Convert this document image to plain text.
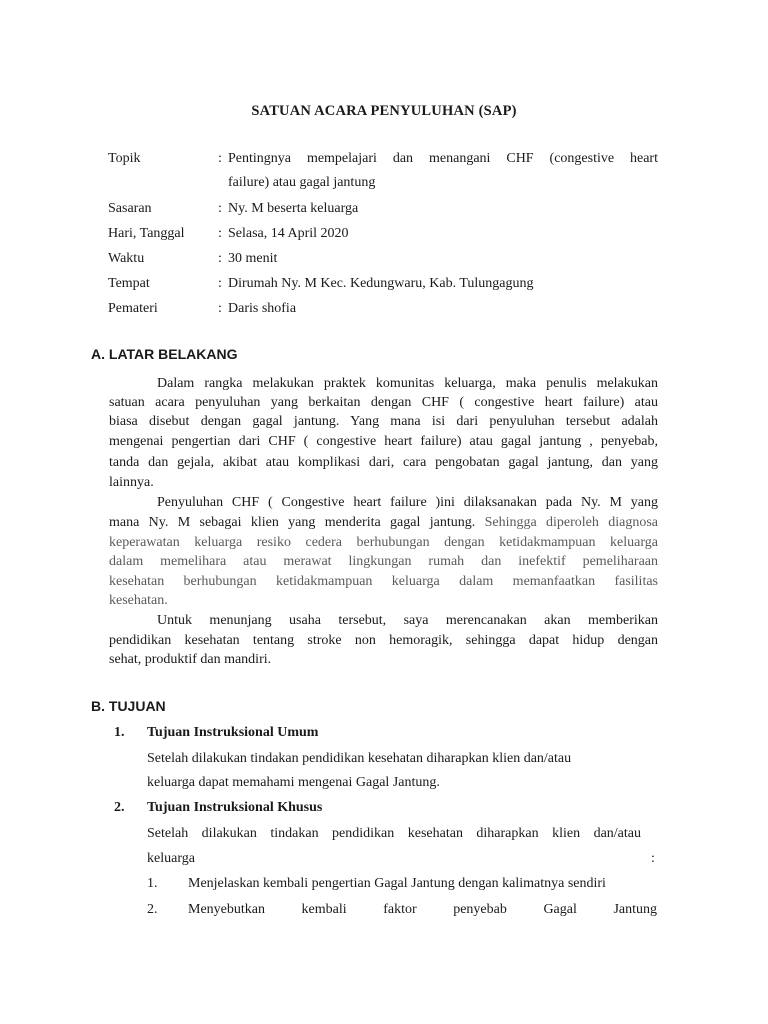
SATUAN ACARA PENYULUHAN (SAP)
Topik	: Pentingnya mempelajari dan menangani CHF (congestive heart
failure) atau gagal jantung
Sasaran	: Ny. M beserta keluarga
Hari, Tanggal : Selasa, 14 April 2020
Waktu	: 30 menit
Tempat	: Dirumah Ny. M Kec. Kedungwaru, Kab. Tulungagung
Pemateri	: Daris shofia
A. LATAR BELAKANG
Dalam rangka melakukan praktek komunitas keluarga, maka penulis melakukan
satuan acara penyuluhan yang berkaitan dengan CHF ( congestive heart failure) atau
biasa disebut dengan gagal jantung. Yang mana isi dari penyuluhan tersebut adalah
mengenai pengertian dari CHF ( congestive heart failure) atau gagal jantung , penyebab,
tanda dan gejala, akibat atau komplikasi dari, cara pengobatan gagal jantung, dan yang
lainnya.
Penyuluhan CHF ( Congestive heart failure )ini dilaksanakan pada Ny. M yang
mana Ny. M sebagai klien yang menderita gagal jantung. Sehingga diperoleh diagnosa
keperawatan keluarga resiko cedera berhubungan dengan ketidakmampuan keluarga
dalam memelihara atau merawat lingkungan rumah dan inefektif pemeliharaan
kesehatan berhubungan ketidakmampuan keluarga dalam memanfaatkan fasilitas
kesehatan.
Untuk menunjang usaha tersebut, saya merencanakan akan memberikan
pendidikan kesehatan tentang stroke non hemoragik, sehingga dapat hidup dengan
sehat, produktif dan mandiri.
B. TUJUAN
1. Tujuan Instruksional Umum
Setelah dilakukan tindakan pendidikan kesehatan diharapkan klien dan/atau
keluarga dapat memahami mengenai Gagal Jantung.
2. Tujuan Instruksional Khusus
Setelah dilakukan tindakan pendidikan kesehatan diharapkan klien dan/atau
keluarga	:
1. Menjelaskan kembali pengertian Gagal Jantung dengan kalimatnya sendiri
2. Menyebutkan	kembali	faktor	penyebab	Gagal	Jantung
